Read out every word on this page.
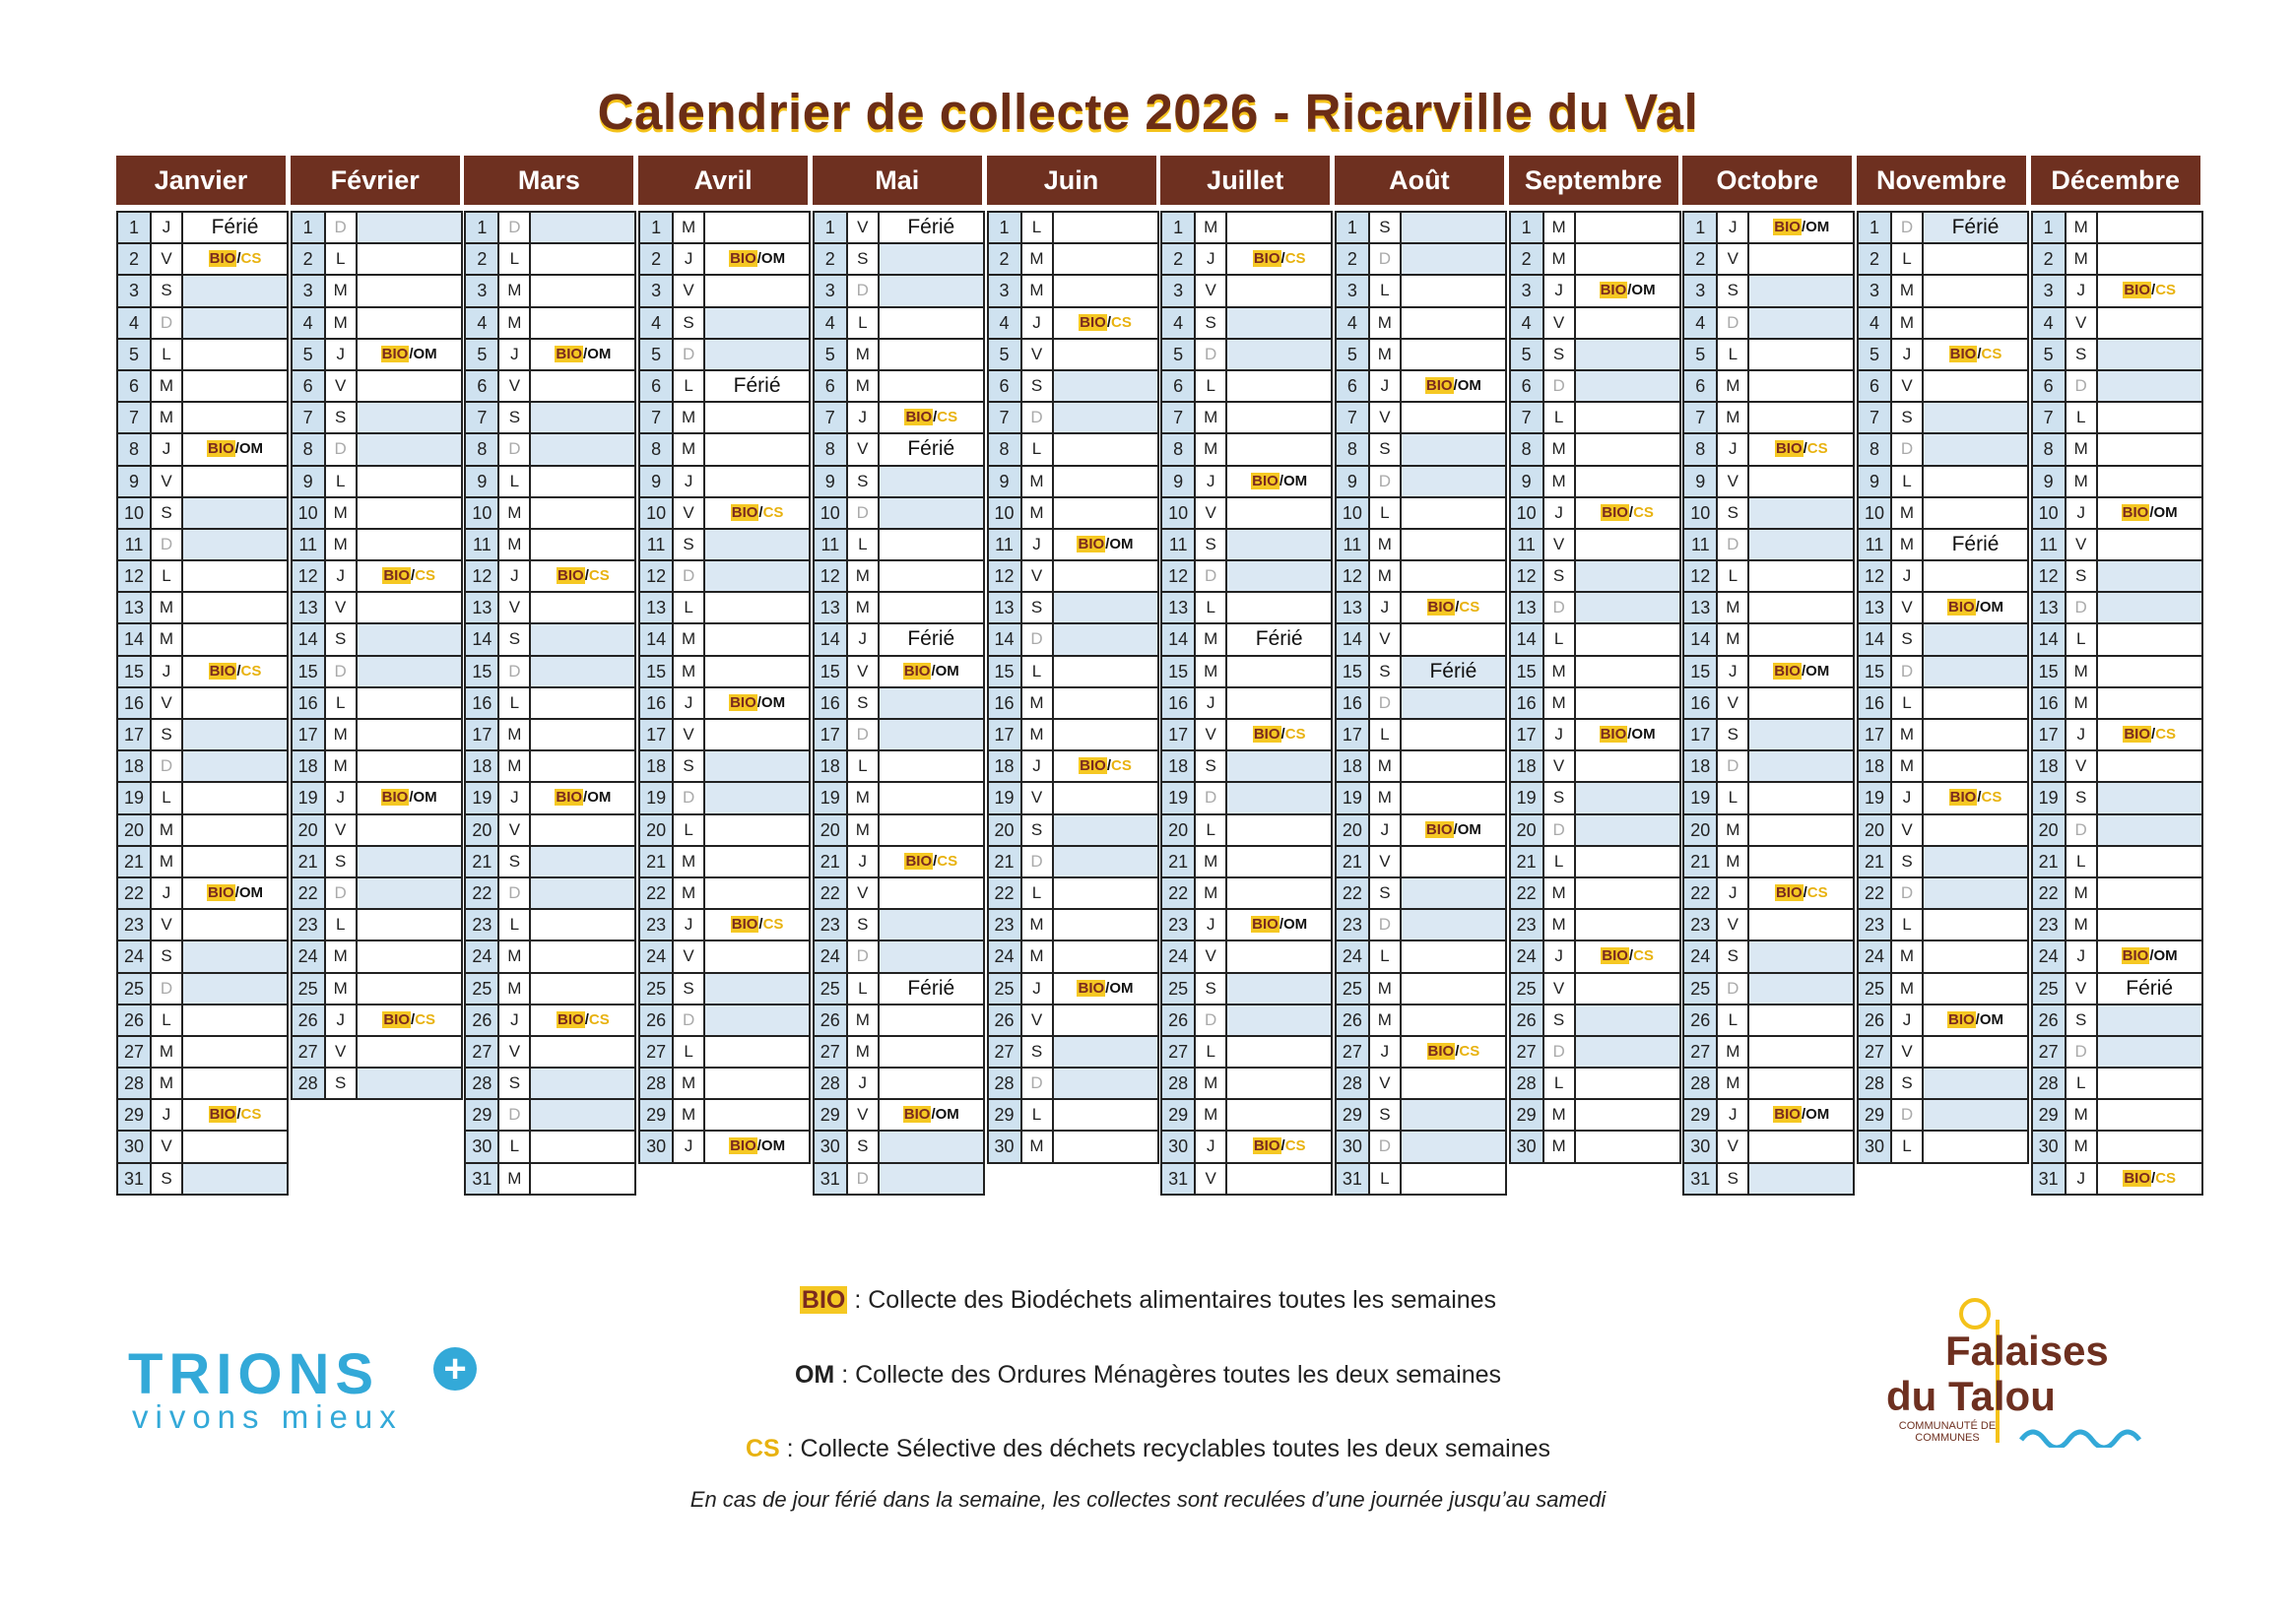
Calendrier de collecte 2026 - Ricarville du Val
Janvier
1	J	Férié
2	V	BIO/CS
3	S
4	D
5	L
6	M
7	M
8	J	BIO/OM
9	V
10	S
11	D
12	L
13 M
14 M
15	J	BIO/CS
16	V
17	S
18 D
19	L
20 M
21 M
22	J	BIO/OM
23	V
24	S
25 D
26	L
27 M
28 M
29	J	BIO/CS
30	V
31	S
Février
1	D
2	L
3	M
4	M
5	J	BIO/OM
6	V
7	S
8	D
9	L
10 M
11 M
12	J	BIO/CS
13	V
14	S
15 D
16	L
17 M
18 M
19	J	BIO/OM
20	V
21	S
22 D
23	L
24 M
25 M
26	J	BIO/CS
27	V
28	S
Mars
1	D
2	L
3	M
4	M
5	J	BIO/OM
6	V
7	S
8	D
9	L
10 M
11 M
12	J	BIO/CS
13	V
14	S
15 D
16	L
17 M
18 M
19	J	BIO/OM
20	V
21	S
22 D
23	L
24 M
25 M
26	J	BIO/CS
27	V
28	S
29 D
30	L
31 M
Avril
1	M
2	J	BIO/OM
3	V
4	S
5	D
6	L	Férié
7	M
8	M
9	J
10	V	BIO/CS
11	S
12 D
13	L
14 M
15 M
16	J	BIO/OM
17	V
18	S
19 D
20	L
21 M
22 M
23	J	BIO/CS
24	V
25	S
26 D
27	L
28 M
29 M
30	J	BIO/OM
Mai
1	V	Férié
2	S
3	D
4	L
5	M
6	M
7	J	BIO/CS
8	V	Férié
9	S
10 D
11	L
12 M
13 M
14	J	Férié
15	V	BIO/OM
16	S
17 D
18	L
19 M
20 M
21	J	BIO/CS
22	V
23	S
24 D
25	L	Férié
26 M
27 M
28	J
29	V	BIO/OM
30	S
31 D
Juin
1	L
2	M
3	M
4	J	BIO/CS
5	V
6	S
7	D
8	L
9	M
10 M
11	J	BIO/OM
12	V
13	S
14 D
15	L
16 M
17 M
18	J	BIO/CS
19	V
20	S
21 D
22	L
23 M
24 M
25	J	BIO/OM
26	V
27	S
28 D
29	L
30 M
Juillet
1	M
2	J	BIO/CS
3	V
4	S
5	D
6	L
7	M
8	M
9	J	BIO/OM
10	V
11	S
12 D
13	L
14 M	Férié
15 M
16	J
17	V	BIO/CS
18	S
19 D
20	L
21 M
22 M
23	J	BIO/OM
24	V
25	S
26 D
27	L
28 M
29 M
30	J	BIO/CS
31	V
Août
1	S
2	D
3	L
4	M
5	M
6	J	BIO/OM
7	V
8	S
9	D
10	L
11 M
12 M
13	J	BIO/CS
14	V
15	S	Férié
16 D
17	L
18 M
19 M
20	J	BIO/OM
21	V
22	S
23 D
24	L
25 M
26 M
27	J	BIO/CS
28	V
29	S
30 D
31	L
Septembre
1	M
2	M
3	J	BIO/OM
4	V
5	S
6	D
7	L
8	M
9	M
10	J	BIO/CS
11	V
12	S
13 D
14	L
15 M
16 M
17	J	BIO/OM
18	V
19	S
20 D
21	L
22 M
23 M
24	J	BIO/CS
25	V
26	S
27 D
28	L
29 M
30 M
Octobre
1	J	BIO/OM
2	V
3	S
4	D
5	L
6	M
7	M
8	J	BIO/CS
9	V
10	S
11	D
12	L
13 M
14 M
15	J	BIO/OM
16	V
17	S
18 D
19	L
20 M
21 M
22	J	BIO/CS
23	V
24	S
25 D
26	L
27 M
28 M
29	J	BIO/OM
30	V
31	S
Novembre
1	D	Férié
2	L
3	M
4	M
5	J	BIO/CS
6	V
7	S
8	D
9	L
10 M
11 M	Férié
12	J
13	V	BIO/OM
14	S
15 D
16	L
17 M
18 M
19	J	BIO/CS
20	V
21	S
22 D
23	L
24 M
25 M
26	J	BIO/OM
27	V
28	S
29 D
30	L
Décembre
1	M
2	M
3	J	BIO/CS
4	V
5	S
6	D
7	L
8	M
9	M
10	J	BIO/OM
11	V
12	S
13 D
14	L
15 M
16 M
17	J	BIO/CS
18	V
19	S
20 D
21	L
22 M
23 M
24	J	BIO/OM
25	V	Férié
26	S
27 D
28	L
29 M
30 M
31	J	BIO/CS
BIO : Collecte des Biodéchets alimentaires toutes les semaines
OM : Collecte des Ordures Ménagères toutes les deux semaines
CS : Collecte Sélective des déchets recyclables toutes les deux semaines
En cas de jour férié dans la semaine, les collectes sont reculées d’une journée jusqu’au samedi
TRIONS +
vivons mieux
Falaises
du Talou
COMMUNAUTÉ DE COMMUNES
